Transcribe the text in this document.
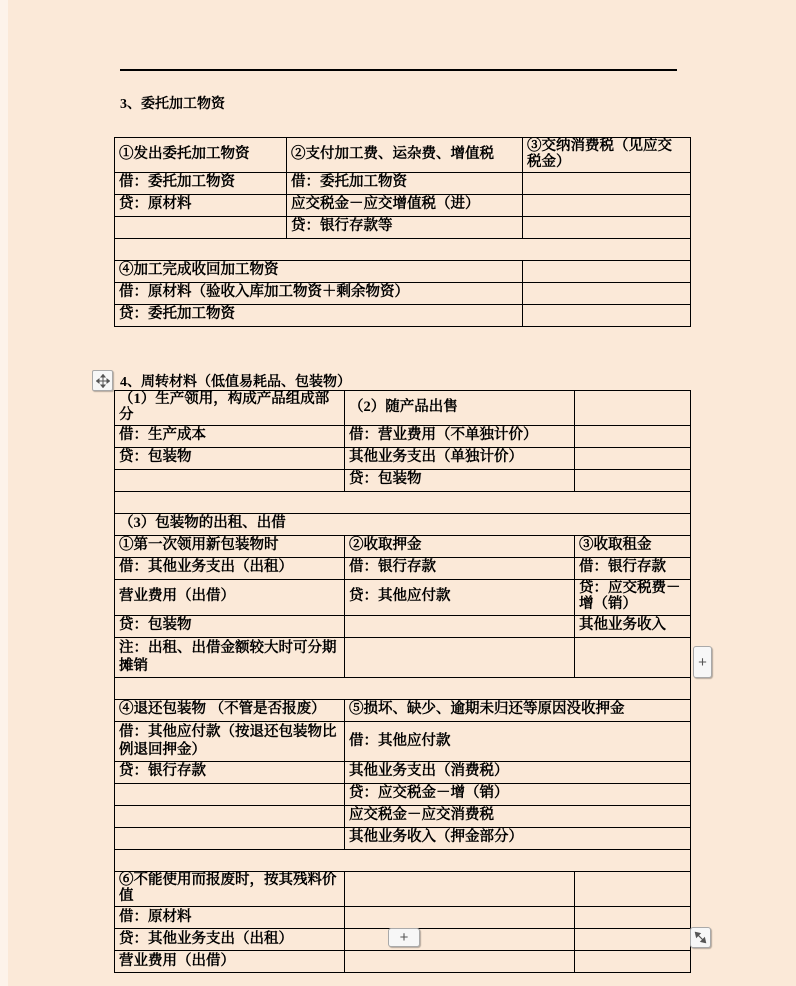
3、委托加工物资
①发出委托加工物资	②支付加工费、运杂费、增值税	③交纳消费税（见应交税金）
借：委托加工物资	借：委托加工物资	
贷：原材料	应交税金－应交增值税（进）	
	贷：银行存款等	

④加工完成收回加工物资		
借：原材料（验收入库加工物资＋剩余物资）		
贷：委托加工物资		
4、周转材料（低值易耗品、包装物）
（1）生产领用，构成产品组成部分	（2）随产品出售	
借：生产成本	借：营业费用（不单独计价）	
贷：包装物	其他业务支出（单独计价）	
	贷：包装物	

（3）包装物的出租、出借		
①第一次领用新包装物时	②收取押金	③收取租金
借：其他业务支出（出租）	借：银行存款	借：银行存款
营业费用（出借）	贷：其他应付款	贷：应交税费－增（销）
贷：包装物		其他业务收入
注：出租、出借金额较大时可分期摊销		

④退还包装物 （不管是否报废）	⑤损坏、缺少、逾期未归还等原因没收押金	
借：其他应付款（按退还包装物比例退回押金）	借：其他应付款	
贷：银行存款	其他业务支出（消费税）	
	贷：应交税金－增（销）	
	应交税金－应交消费税	
	其他业务收入（押金部分）	

⑥不能使用而报废时，按其残料价值		
借：原材料		
贷：其他业务支出（出租）		
营业费用（出借）		
+
+
